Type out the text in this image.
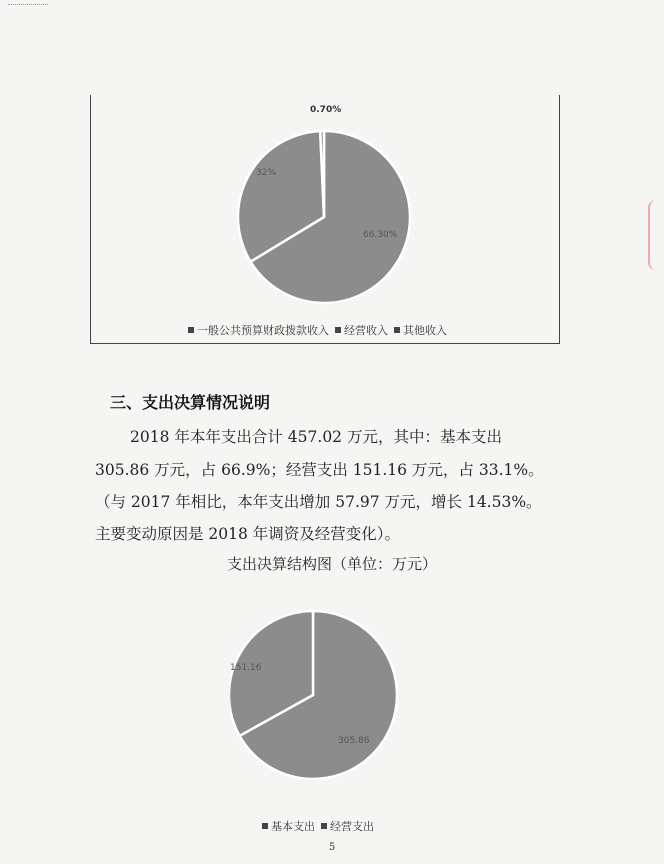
66.30%
32%
0.70%
一般公共预算财政拨款收入 经营收入 其他收入
三、支出决算情况说明
2018 年本年支出合计 457.02 万元，其中：基本支出
305.86 万元，占 66.9%；经营支出 151.16 万元，占 33.1%。
（与 2017 年相比，本年支出增加 57.97 万元，增长 14.53%。
主要变动原因是 2018 年调资及经营变化）。
支出决算结构图（单位：万元）
305.86
151.16
基本支出 经营支出
5
